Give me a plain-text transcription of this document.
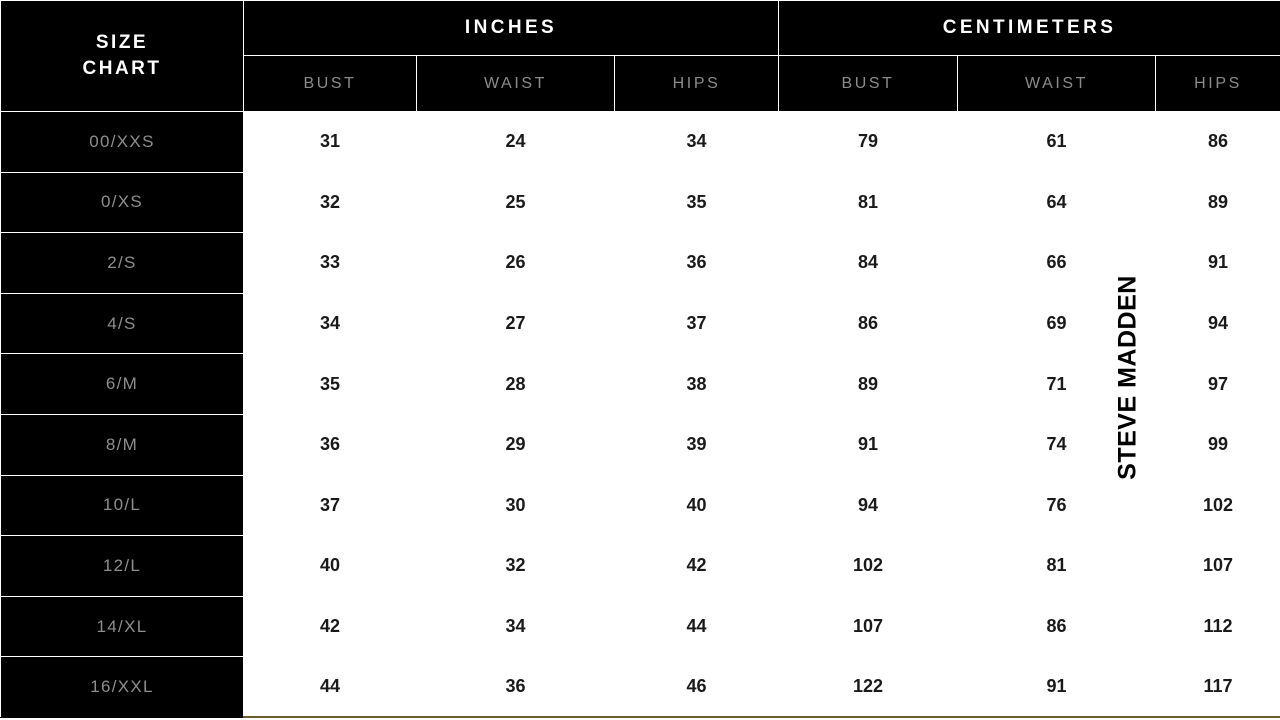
SIZE
CHART	INCHES			CENTIMETERS		
	BUST	WAIST	HIPS	BUST	WAIST	HIPS
00/XXS	31	24	34	79	61	86
0/XS	32	25	35	81	64	89
2/S	33	26	36	84	66	91
4/S	34	27	37	86	69	94
6/M	35	28	38	89	71	97
8/M	36	29	39	91	74	99
10/L	37	30	40	94	76	102
12/L	40	32	42	102	81	107
14/XL	42	34	44	107	86	112
16/XXL	44	36	46	122	91	117
STEVE MADDEN
